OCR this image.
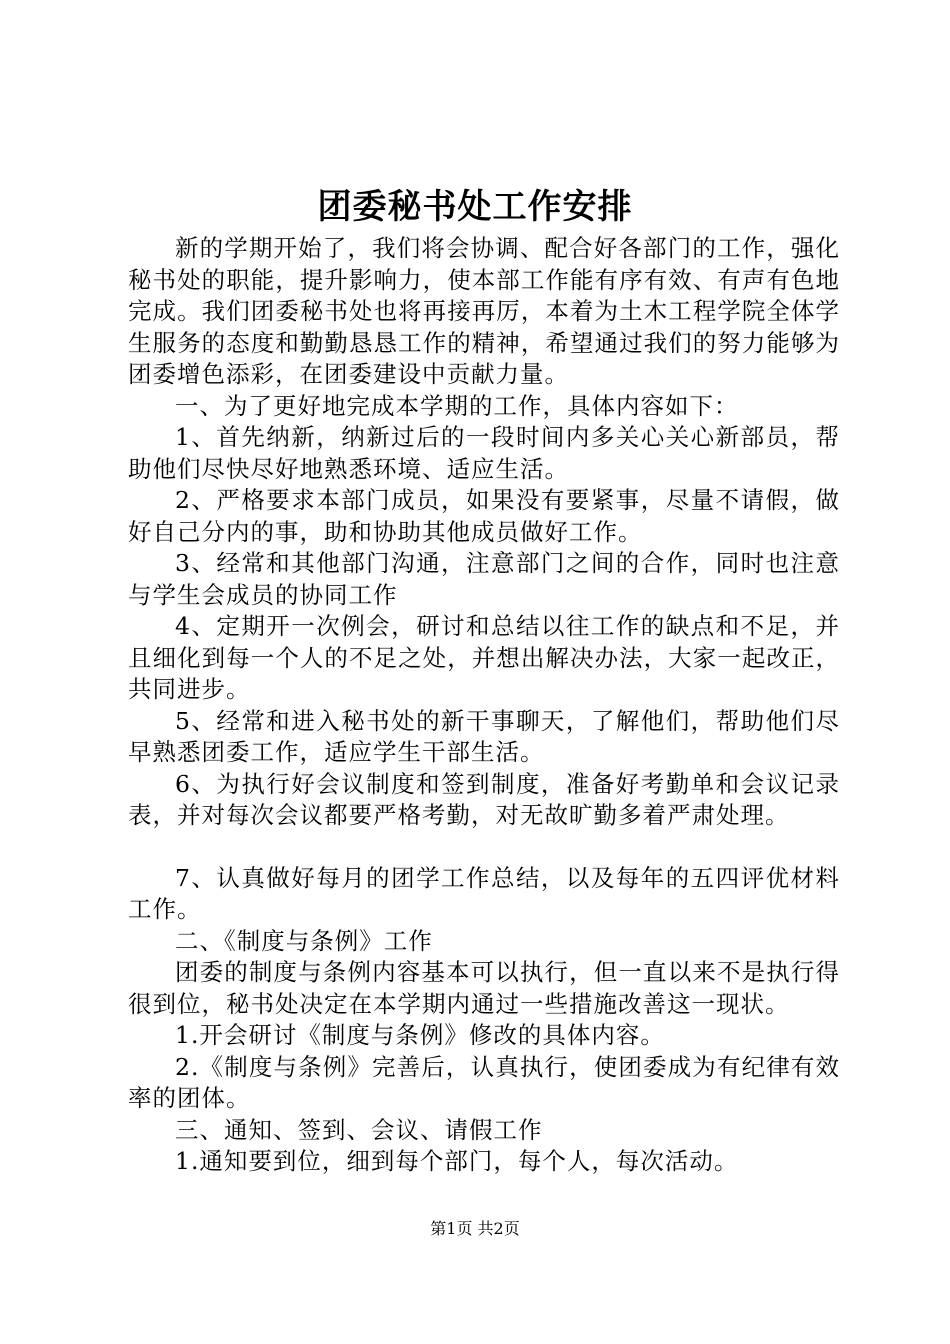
团委秘书处工作安排

新的学期开始了，我们将会协调、配合好各部门的工作，强化秘书处的职能，提升影响力，使本部工作能有序有效、有声有色地完成。我们团委秘书处也将再接再厉，本着为土木工程学院全体学生服务的态度和勤勤恳恳工作的精神，希望通过我们的努力能够为团委增色添彩，在团委建设中贡献力量。

一、为了更好地完成本学期的工作，具体内容如下：

1、首先纳新，纳新过后的一段时间内多关心关心新部员，帮助他们尽快尽好地熟悉环境、适应生活。

2、严格要求本部门成员，如果没有要紧事，尽量不请假，做好自己分内的事，助和协助其他成员做好工作。

3、经常和其他部门沟通，注意部门之间的合作，同时也注意与学生会成员的协同工作

4、定期开一次例会，研讨和总结以往工作的缺点和不足，并且细化到每一个人的不足之处，并想出解决办法，大家一起改正，共同进步。

5、经常和进入秘书处的新干事聊天，了解他们，帮助他们尽早熟悉团委工作，适应学生干部生活。

6、为执行好会议制度和签到制度，准备好考勤单和会议记录表，并对每次会议都要严格考勤，对无故旷勤多着严肃处理。

7、认真做好每月的团学工作总结，以及每年的五四评优材料工作。

二、《制度与条例》工作

团委的制度与条例内容基本可以执行，但一直以来不是执行得很到位，秘书处决定在本学期内通过一些措施改善这一现状。

1.开会研讨《制度与条例》修改的具体内容。

2.《制度与条例》完善后，认真执行，使团委成为有纪律有效率的团体。

三、通知、签到、会议、请假工作

1.通知要到位，细到每个部门，每个人，每次活动。

第1页 共2页
